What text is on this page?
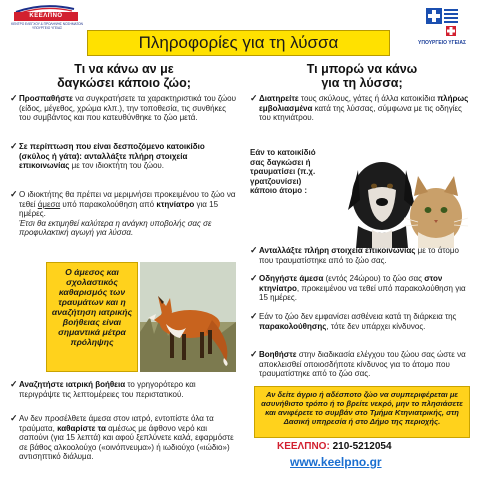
ΚΕΕΛΠΝΟ
ΚΕΝΤΡΟ ΕΛΕΓΧΟΥ & ΠΡΟΛΗΨΗΣ ΝΟΣΗΜΑΤΩΝ ΥΠΟΥΡΓΕΙΟ ΥΓΕΙΑΣ
Πληροφορίες για τη λύσσα	ΥΠΟΥΡΓΕΙΟ ΥΓΕΙΑΣ
Τι να κάνω αν με
δαγκώσει κάποιο ζώο;
✓ Προσπαθήστε να συγκρατήσετε τα χαρακτηριστικά του ζώου (είδος, μέγεθος, χρώμα κλπ.), την τοποθεσία, τις συνθήκες του συμβάντος και που κατευθύνθηκε το ζώο μετά.
✓ Σε περίπτωση που είναι δεσποζόμενο κατοικίδιο (σκύλος ή γάτα): ανταλλάξτε πλήρη στοιχεία επικοινωνίας με τον ιδιοκτήτη του ζώου.
✓ Ο ιδιοκτήτης θα πρέπει να μεριμνήσει προκειμένου το ζώο να τεθεί άμεσα υπό παρακολούθηση από κτηνίατρο για 15 ημέρες.
Έτσι θα εκτιμηθεί καλύτερα η ανάγκη υποβολής σας σε προφυλακτική αγωγή για λύσσα.
Ο άμεσος και σχολαστικός καθαρισμός των τραυμάτων και η αναζήτηση ιατρικής βοήθειας είναι σημαντικά μέτρα πρόληψης
✓ Αναζητήστε ιατρική βοήθεια το γρηγορότερο και περιγράψτε τις λεπτομέρειες του περιστατικού.
✓ Αν δεν προσέλθετε άμεσα στον ιατρό, εντοπίστε όλα τα τραύματα, καθαρίστε τα αμέσως με άφθονο νερό και σαπούνι (για 15 λεπτά) και αφού ξεπλύνετε καλά, εφαρμόστε σε βάθος αλκοολούχο («οινόπνευμα») ή ιωδιούχο («ιώδιο») αντισηπτικό διάλυμα.
Τι μπορώ να κάνω
για τη λύσσα;
✓ Διατηρείτε τους σκύλους, γάτες ή άλλα κατοικίδια πλήρως εμβολιασμένα κατά της λύσσας, σύμφωνα με τις οδηγίες του κτηνιάτρου.
Εάν το κατοικίδιό σας δαγκώσει ή τραυματίσει (π.χ. γρατζουνίσει) κάποιο άτομο :
✓ Ανταλλάξτε πλήρη στοιχεία επικοινωνίας με το άτομο που τραυματίστηκε από το ζώο σας.
✓ Οδηγήστε άμεσα (εντός 24ώρου) το ζώο σας στον κτηνίατρο, προκειμένου να τεθεί υπό παρακολούθηση για 15 ημέρες.
✓ Εάν το ζώο δεν εμφανίσει ασθένεια κατά τη διάρκεια της παρακολούθησης, τότε δεν υπάρχει κίνδυνος.
✓ Βοηθήστε στην διαδικασία ελέγχου του ζώου σας ώστε να αποκλεισθεί οποιοσδήποτε κίνδυνος για το άτομο που τραυματίστηκε από το ζώο σας.
Αν δείτε άγριο ή αδέσποτο ζώο να συμπεριφέρεται με ασυνήθιστο τρόπο ή το βρείτε νεκρό, μην το πλησιάσετε και ανιφέρετε το συμβάν στο Τμήμα Κτηνιατρικής, στη Δασική υπηρεσία ή στο Δήμο της περιοχής.
ΚΕΕΛΠΝΟ: 210-5212054
www.keelpno.gr
